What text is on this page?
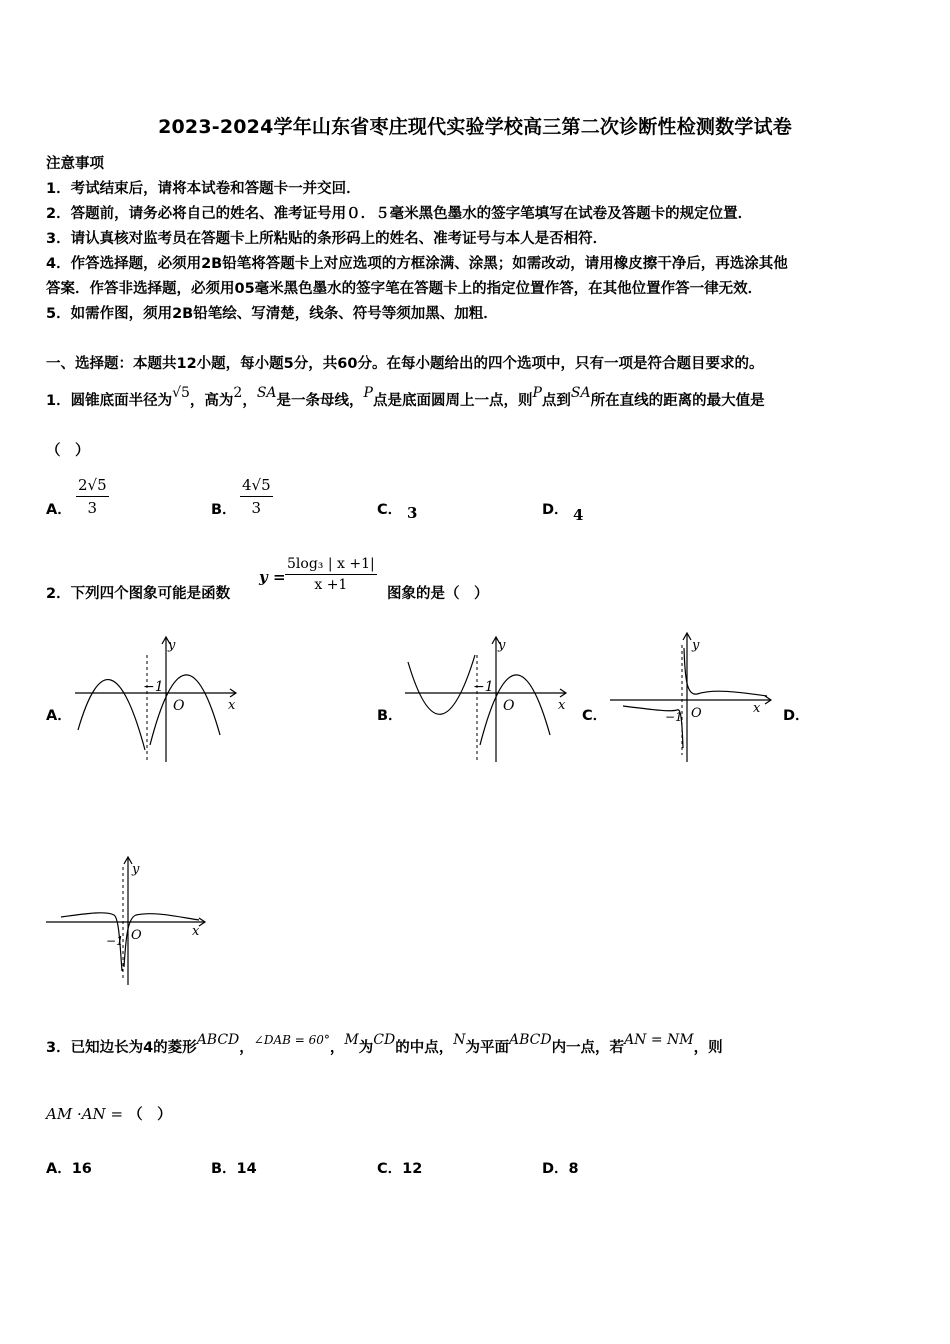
2023-2024学年山东省枣庄现代实验学校高三第二次诊断性检测数学试卷
注意事项
1．考试结束后，请将本试卷和答题卡一并交回．
2．答题前，请务必将自己的姓名、准考证号用０．５毫米黑色墨水的签字笔填写在试卷及答题卡的规定位置．
3．请认真核对监考员在答题卡上所粘贴的条形码上的姓名、准考证号与本人是否相符．
4．作答选择题，必须用2B铅笔将答题卡上对应选项的方框涂满、涂黑；如需改动，请用橡皮擦干净后，再选涂其他
答案．作答非选择题，必须用05毫米黑色墨水的签字笔在答题卡上的指定位置作答，在其他位置作答一律无效．
5．如需作图，须用2B铅笔绘、写清楚，线条、符号等须加黑、加粗．
一、选择题：本题共12小题，每小题5分，共60分。在每小题给出的四个选项中，只有一项是符合题目要求的。
1．圆锥底面半径为√5，高为2，SA是一条母线，P点是底面圆周上一点，则P点到SA所在直线的距离的最大值是
（　）
A．
2√5
3	B．
4√5
3	C． 3	D． 4
2．下列四个图象可能是函数
y =
5log₃ | x +1|
x +1
图象的是（　）
A．	B．	C．	D．
y
x
O
−1
y
x
O
−1
y
x
O
−1
y
x
O
−1
3．已知边长为4的菱形ABCD，$^{\angle DAB = 60^\circ}$，M为CD的中点，N为平面ABCD内一点，若AN = NM，则
AM ·AN = （　）
A．16	B．14	C．12	D．8
